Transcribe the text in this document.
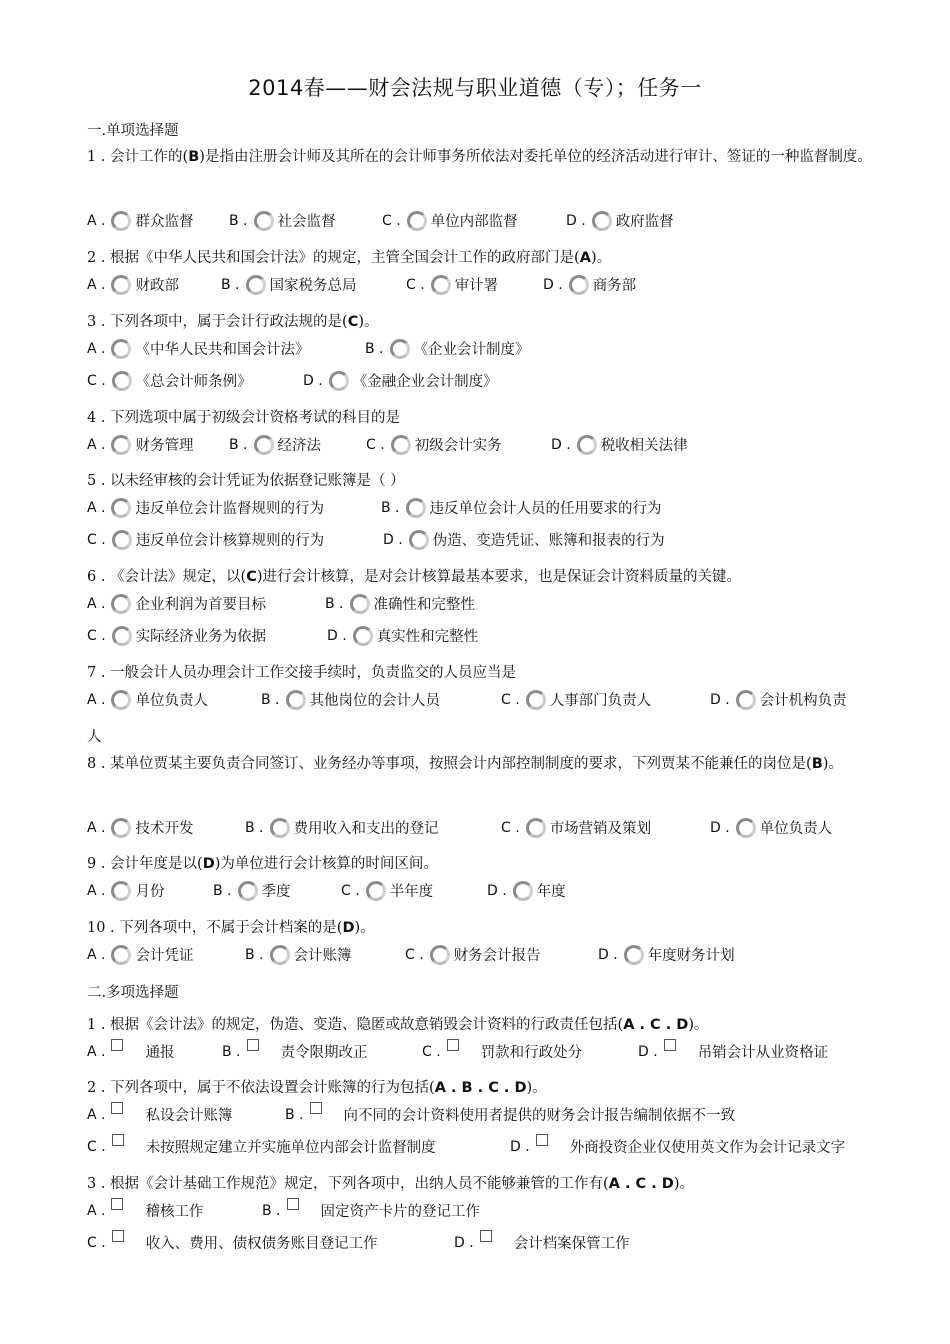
2014春——财会法规与职业道德（专）；任务一
一.单项选择题
1 . 会计工作的(B)是指由注册会计师及其所在的会计师事务所依法对委托单位的经济活动进行审计、签证的一种监督制度。
A . 群众监督	B . 社会监督	C . 单位内部监督	D . 政府监督
2 . 根据《中华人民共和国会计法》的规定，主管全国会计工作的政府部门是(A)。
A . 财政部	B . 国家税务总局	C . 审计署	D . 商务部
3 . 下列各项中，属于会计行政法规的是(C)。
A . 《中华人民共和国会计法》	B . 《企业会计制度》
C . 《总会计师条例》	D . 《金融企业会计制度》
4 . 下列选项中属于初级会计资格考试的科目的是
A . 财务管理	B . 经济法	C . 初级会计实务	D . 税收相关法律
5 . 以未经审核的会计凭证为依据登记账簿是（ ）
A . 违反单位会计监督规则的行为	B . 违反单位会计人员的任用要求的行为
C . 违反单位会计核算规则的行为	D . 伪造、变造凭证、账簿和报表的行为
6 . 《会计法》规定，以(C)进行会计核算，是对会计核算最基本要求，也是保证会计资料质量的关键。
A . 企业利润为首要目标	B . 准确性和完整性
C . 实际经济业务为依据	D . 真实性和完整性
7 . 一般会计人员办理会计工作交接手续时，负责监交的人员应当是
A . 单位负责人	B . 其他岗位的会计人员	C . 人事部门负责人	D . 会计机构负责
人
8 . 某单位贾某主要负责合同签订、业务经办等事项，按照会计内部控制制度的要求，下列贾某不能兼任的岗位是(B)。
A . 技术开发	B . 费用收入和支出的登记	C . 市场营销及策划	D . 单位负责人
9 . 会计年度是以(D)为单位进行会计核算的时间区间。
A . 月份	B . 季度	C . 半年度	D . 年度
10 . 下列各项中，不属于会计档案的是(D)。
A . 会计凭证	B . 会计账簿	C . 财务会计报告	D . 年度财务计划
1 . 根据《会计法》的规定，伪造、变造、隐匿或故意销毁会计资料的行政责任包括(A . C . D)。
A .	通报	B .	责令限期改正	C .	罚款和行政处分	D .	吊销会计从业资格证
2 . 下列各项中，属于不依法设置会计账簿的行为包括(A . B . C . D)。
A .	私设会计账簿	B .	向不同的会计资料使用者提供的财务会计报告编制依据不一致
C .	未按照规定建立并实施单位内部会计监督制度	D .	外商投资企业仅使用英文作为会计记录文字
3 . 根据《会计基础工作规范》规定，下列各项中，出纳人员不能够兼管的工作有(A . C . D)。
A .	稽核工作	B .	固定资产卡片的登记工作
C .	收入、费用、债权债务账目登记工作	D .	会计档案保管工作
二.多项选择题
